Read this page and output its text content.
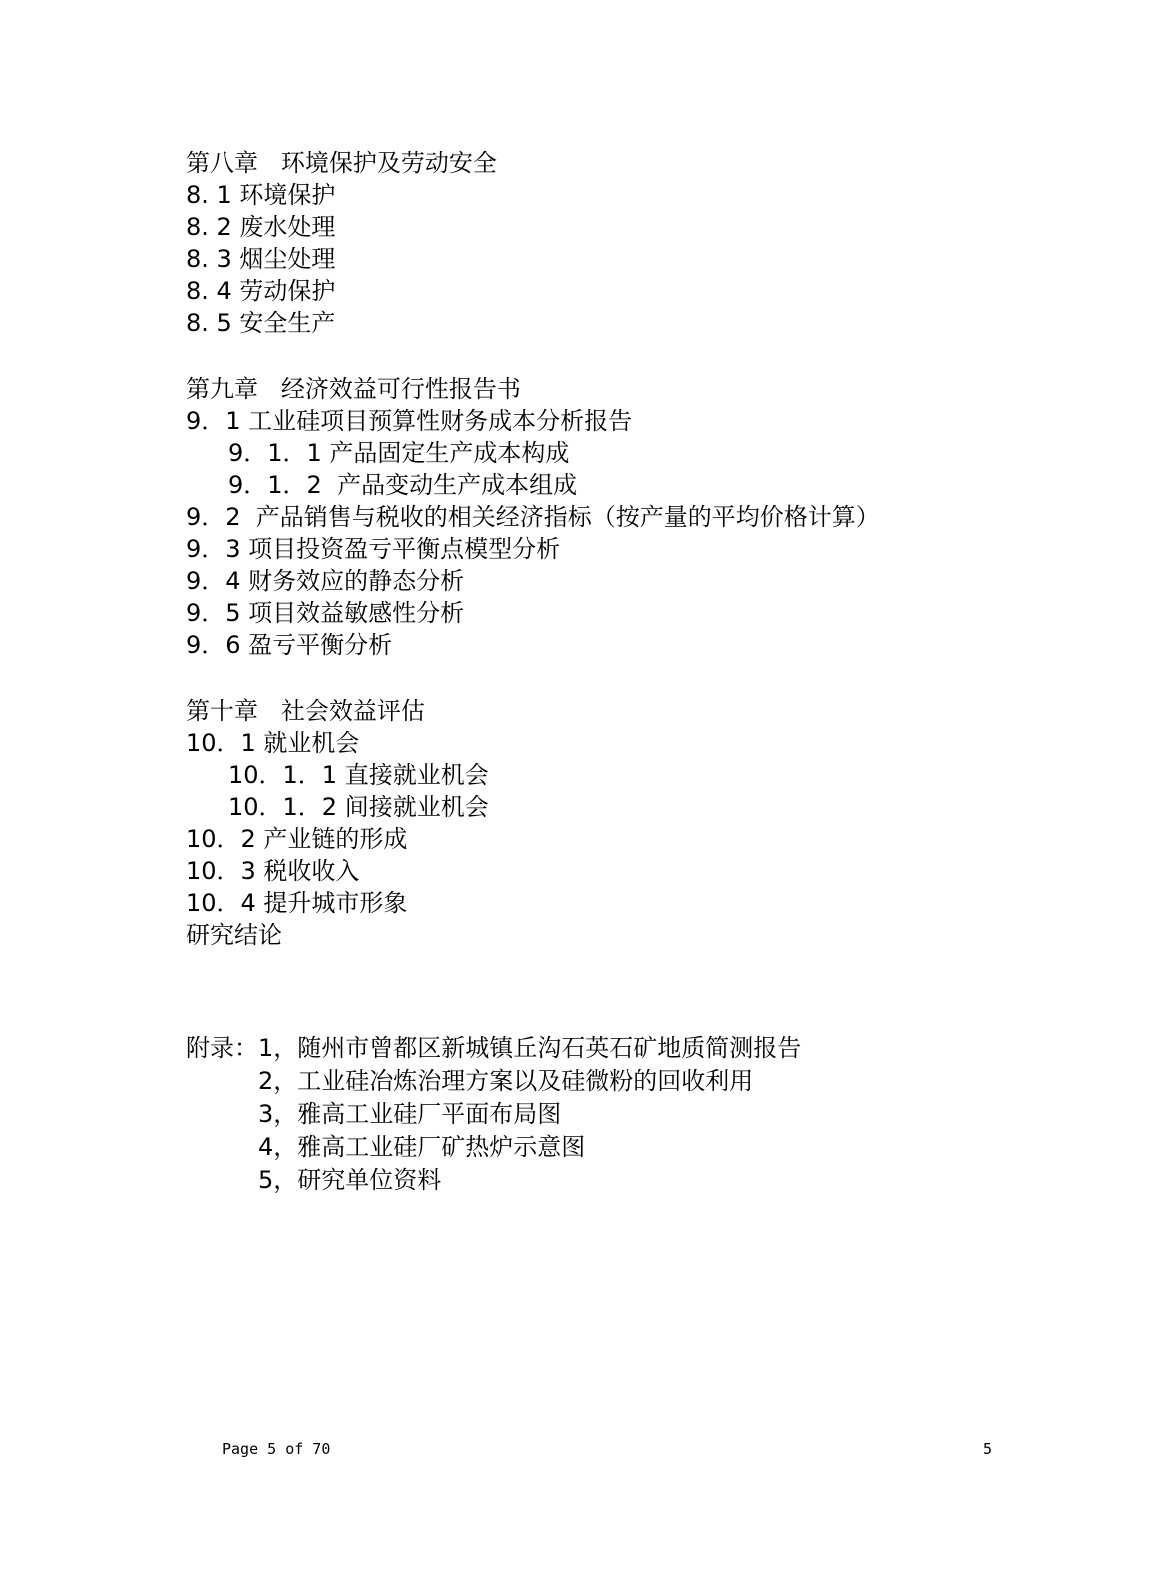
第八章   环境保护及劳动安全
8. 1 环境保护
8. 2 废水处理
8. 3 烟尘处理
8. 4 劳动保护
8. 5 安全生产
第九章   经济效益可行性报告书
9．1 工业硅项目预算性财务成本分析报告
9．1．1 产品固定生产成本构成
9．1．2  产品变动生产成本组成
9．2  产品销售与税收的相关经济指标（按产量的平均价格计算）
9．3 项目投资盈亏平衡点模型分析
9．4 财务效应的静态分析
9．5 项目效益敏感性分析
9．6 盈亏平衡分析
第十章   社会效益评估
10．1 就业机会
10．1．1 直接就业机会
10．1．2 间接就业机会
10．2 产业链的形成
10．3 税收收入
10．4 提升城市形象
研究结论
附录：1，随州市曾都区新城镇丘沟石英石矿地质简测报告
2，工业硅冶炼治理方案以及硅微粉的回收利用
3，雅高工业硅厂平面布局图
4，雅高工业硅厂矿热炉示意图
5，研究单位资料
Page 5 of 70	5
